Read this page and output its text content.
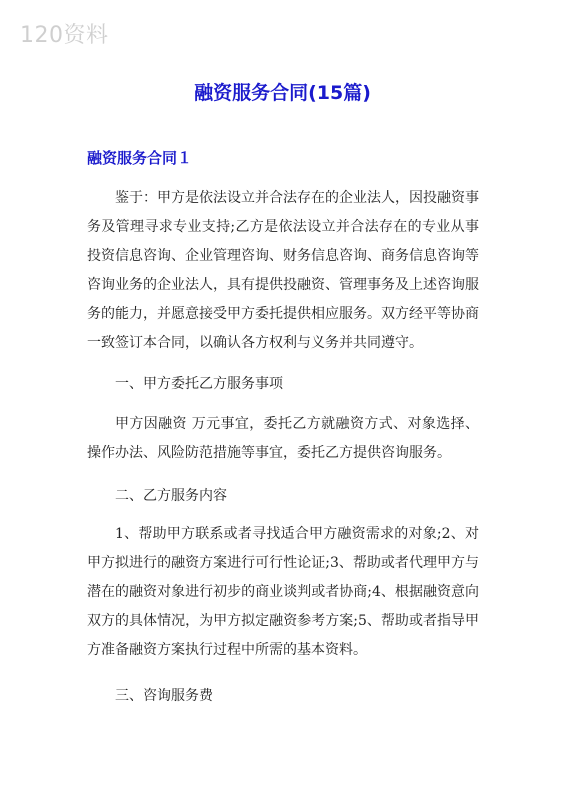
120资料
融资服务合同(15篇)
融资服务合同１

鉴于：甲方是依法设立并合法存在的企业法人，因投融资事务及管理寻求专业支持;乙方是依法设立并合法存在的专业从事投资信息咨询、企业管理咨询、财务信息咨询、商务信息咨询等咨询业务的企业法人，具有提供投融资、管理事务及上述咨询服务的能力，并愿意接受甲方委托提供相应服务。双方经平等协商一致签订本合同，以确认各方权利与义务并共同遵守。

一、甲方委托乙方服务事项

甲方因融资 万元事宜，委托乙方就融资方式、对象选择、操作办法、风险防范措施等事宜，委托乙方提供咨询服务。

二、乙方服务内容

1、帮助甲方联系或者寻找适合甲方融资需求的对象;2、对甲方拟进行的融资方案进行可行性论证;3、帮助或者代理甲方与潜在的融资对象进行初步的商业谈判或者协商;4、根据融资意向双方的具体情况，为甲方拟定融资参考方案;5、帮助或者指导甲方准备融资方案执行过程中所需的基本资料。

三、咨询服务费
